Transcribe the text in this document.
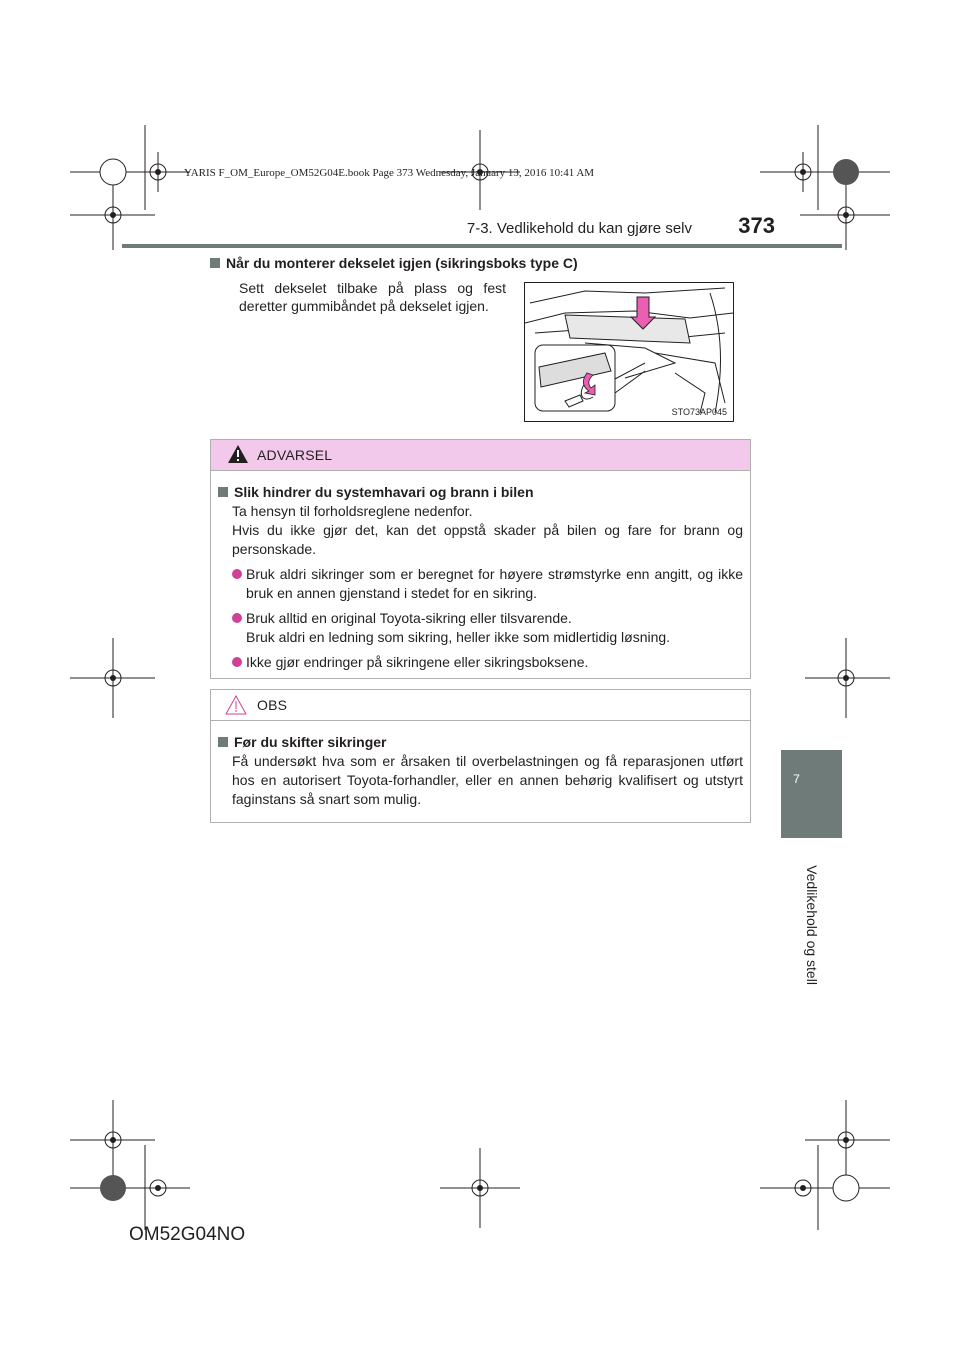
YARIS F_OM_Europe_OM52G04E.book Page 373 Wednesday, January 13, 2016 10:41 AM
7-3. Vedlikehold du kan gjøre selv	373
7
Vedlikehold og stell
Når du monterer dekselet igjen (sikringsboks type C)
Sett dekselet tilbake på plass og fest deretter gummibåndet på dekselet igjen.
STO73AP045
ADVARSEL
Slik hindrer du systemhavari og brann i bilen
Ta hensyn til forholdsreglene nedenfor.
Hvis du ikke gjør det, kan det oppstå skader på bilen og fare for brann og personskade.
Bruk aldri sikringer som er beregnet for høyere strømstyrke enn angitt, og ikke bruk en annen gjenstand i stedet for en sikring.
Bruk alltid en original Toyota-sikring eller tilsvarende.
Bruk aldri en ledning som sikring, heller ikke som midlertidig løsning.
Ikke gjør endringer på sikringene eller sikringsboksene.
OBS
Før du skifter sikringer
Få undersøkt hva som er årsaken til overbelastningen og få reparasjonen utført hos en autorisert Toyota-forhandler, eller en annen behørig kvalifisert og utstyrt faginstans så snart som mulig.
OM52G04NO
